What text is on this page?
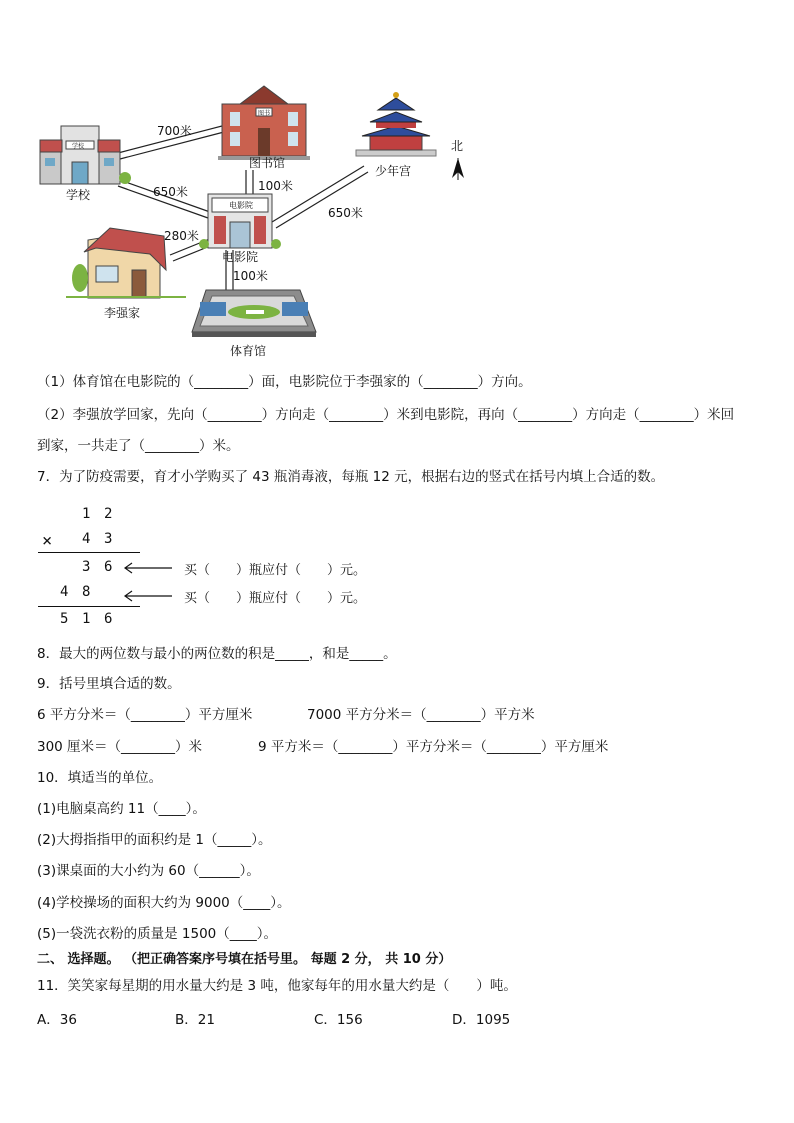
学校
图书馆
少年宫
北
电影院
李强家
体育馆
700米
650米	100米
650米
280米
100米
图书
电影院
学校
（1）体育馆在电影院的（________）面，电影院位于李强家的（________）方向。
（2）李强放学回家，先向（________）方向走（________）米到电影院，再向（________）方向走（________）米回
到家，一共走了（________）米。
7．为了防疫需要，育才小学购买了 43 瓶消毒液，每瓶 12 元，根据右边的竖式在括号内填上合适的数。
1 2
× 4 3
3 6
4 8
5 1 6
买（　　）瓶应付（　　）元。
买（　　）瓶应付（　　）元。
8．最大的两位数与最小的两位数的积是_____，和是_____。
9．括号里填合适的数。
6 平方分米＝（________）平方厘米	7000 平方分米＝（________）平方米
300 厘米＝（________）米	9 平方米＝（________）平方分米＝（________）平方厘米
10．填适当的单位。
(1)电脑桌高约 11（____）。
(2)大拇指指甲的面积约是 1（_____）。
(3)课桌面的大小约为 60（______）。
(4)学校操场的面积大约为 9000（____）。
(5)一袋洗衣粉的质量是 1500（____）。
二、 选择题。 （把正确答案序号填在括号里。 每题 2 分， 共 10 分）
11．笑笑家每星期的用水量大约是 3 吨，他家每年的用水量大约是（　　）吨。
A．36	B．21	C．156	D．1095
